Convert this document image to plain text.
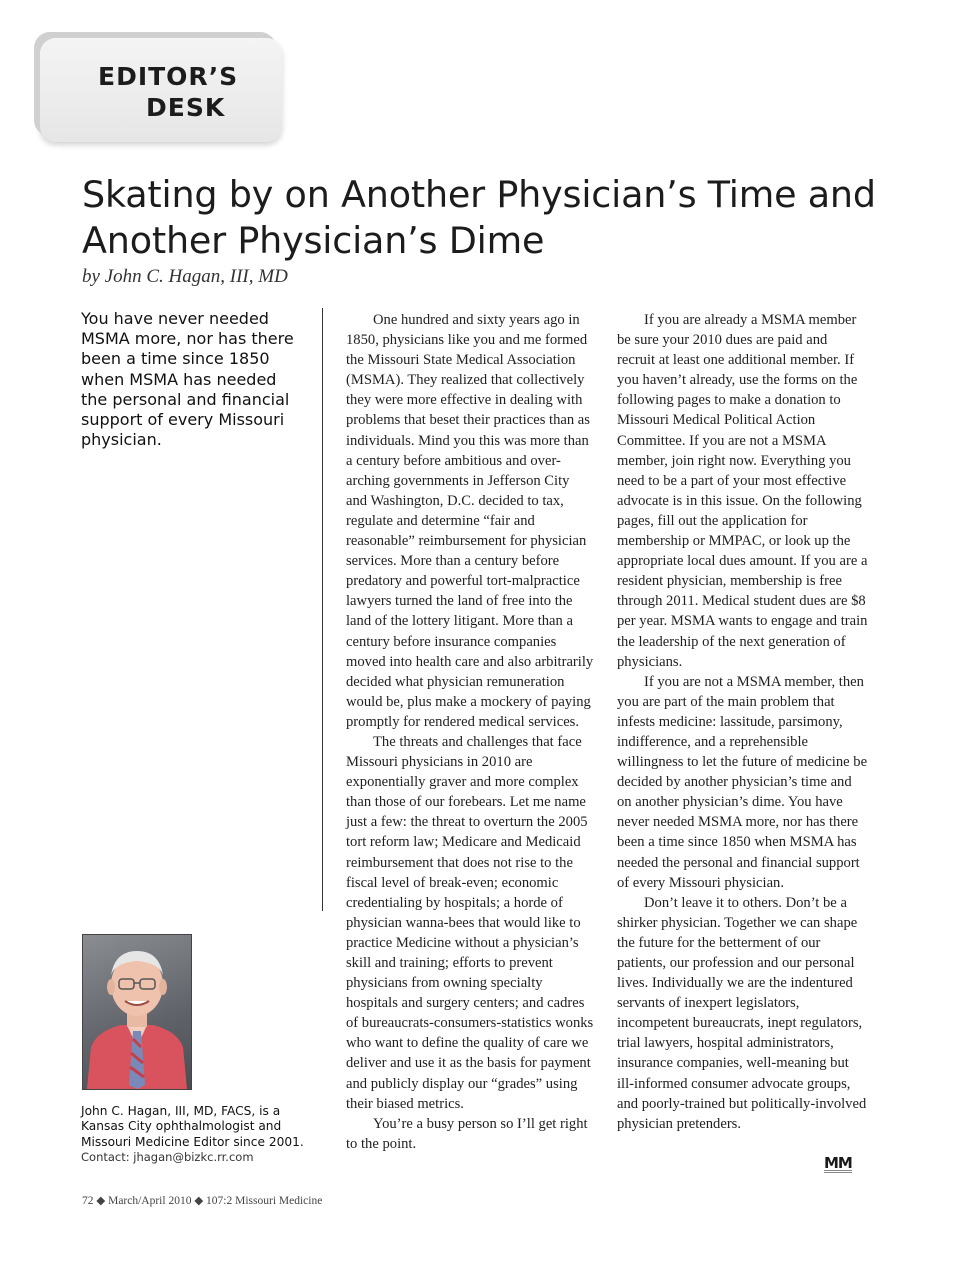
EDITOR’S
DESK
Skating by on Another Physician’s Time and Another Physician’s Dime
by John C. Hagan, III, MD
You have never needed MSMA more, nor has there been a time since 1850 when MSMA has needed the personal and financial support of every Missouri physician.
John C. Hagan, III, MD, FACS, is a Kansas City ophthalmologist and Missouri Medicine Editor since 2001.
Contact: jhagan@bizkc.rr.com

One hundred and sixty years ago in 1850, physicians like you and me formed the Missouri State Medical Association (MSMA). They realized that collectively they were more effective in dealing with problems that beset their practices than as individuals. Mind you this was more than a century before ambitious and over-arching governments in Jefferson City and Washington, D.C. decided to tax, regulate and determine “fair and reasonable” reimbursement for physician services. More than a century before predatory and powerful tort-malpractice lawyers turned the land of free into the land of the lottery litigant. More than a century before insurance companies moved into health care and also arbitrarily decided what physician remuneration would be, plus make a mockery of paying promptly for rendered medical services.

The threats and challenges that face Missouri physicians in 2010 are exponentially graver and more complex than those of our forebears. Let me name just a few: the threat to overturn the 2005 tort reform law; Medicare and Medicaid reimbursement that does not rise to the fiscal level of break-even; economic credentialing by hospitals; a horde of physician wanna-bees that would like to practice Medicine without a physician’s skill and training; efforts to prevent physicians from owning specialty hospitals and surgery centers; and cadres of bureaucrats-consumers-statistics wonks who want to define the quality of care we deliver and use it as the basis for payment and publicly display our “grades” using their biased metrics.

You’re a busy person so I’ll get right to the point.

If you are already a MSMA member be sure your 2010 dues are paid and recruit at least one additional member. If you haven’t already, use the forms on the following pages to make a donation to Missouri Medical Political Action Committee. If you are not a MSMA member, join right now. Everything you need to be a part of your most effective advocate is in this issue. On the following pages, fill out the application for membership or MMPAC, or look up the appropriate local dues amount. If you are a resident physician, membership is free through 2011. Medical student dues are $8 per year. MSMA wants to engage and train the leadership of the next generation of physicians.

If you are not a MSMA member, then you are part of the main problem that infests medicine: lassitude, parsimony, indifference, and a reprehensible willingness to let the future of medicine be decided by another physician’s time and on another physician’s dime. You have never needed MSMA more, nor has there been a time since 1850 when MSMA has needed the personal and financial support of every Missouri physician.

Don’t leave it to others. Don’t be a shirker physician. Together we can shape the future for the betterment of our patients, our profession and our personal lives. Individually we are the indentured servants of inexpert legislators, incompetent bureaucrats, inept regulators, trial lawyers, hospital administrators, insurance companies, well-meaning but ill-informed consumer advocate groups, and poorly-trained but politically-involved physician pretenders.

MM
72 ◆ March/April 2010 ◆ 107:2 Missouri Medicine
